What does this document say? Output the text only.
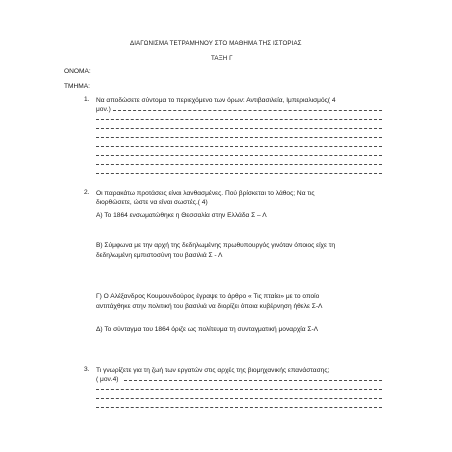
ΔΙΑΓΩΝΙΣΜΑ ΤΕΤΡΑΜΗΝΟΥ ΣΤΟ ΜΑΘΗΜΑ ΤΗΣ ΙΣΤΟΡΙΑΣ
ΤΑΞΗ Γ
ΟΝΟΜΑ:
ΤΜΗΜΑ:
1. Να αποδώσετε σύντομα το περιεχόμενο των όρων: Αντιβασιλεία, Ιμπεριαλισμός( 4
μον.)
2. Οι παρακάτω προτάσεις είναι λανθασμένες. Πού βρίσκεται το λάθος; Να τις
διορθώσετε, ώστε να είναι σωστές.( 4)
Α) Το 1864 ενσωματώθηκε η Θεσσαλία στην Ελλάδα Σ – Λ
Β) Σύμφωνα με την αρχή της δεδηλωμένης πρωθυπουργός γινόταν όποιος είχε τη
δεδηλωμένη εμπιστοσύνη του βασιλιά Σ - Λ
Γ) Ο Αλέξανδρος Κουμουνδούρος έγραψε το άρθρο « Τις πταίει» με το οποίο
αντιτάχθηκε στην πολιτική του βασιλιά να διορίζει όποια κυβέρνηση ήθελε Σ-Λ
Δ) Το σύνταγμα του 1864 όριζε ως πολίτευμα τη συνταγματική μοναρχία Σ-Λ
3. Τι γνωρίζετε για τη ζωή των εργατών στις αρχές της βιομηχανικής επανάστασης;
( μον.4)
